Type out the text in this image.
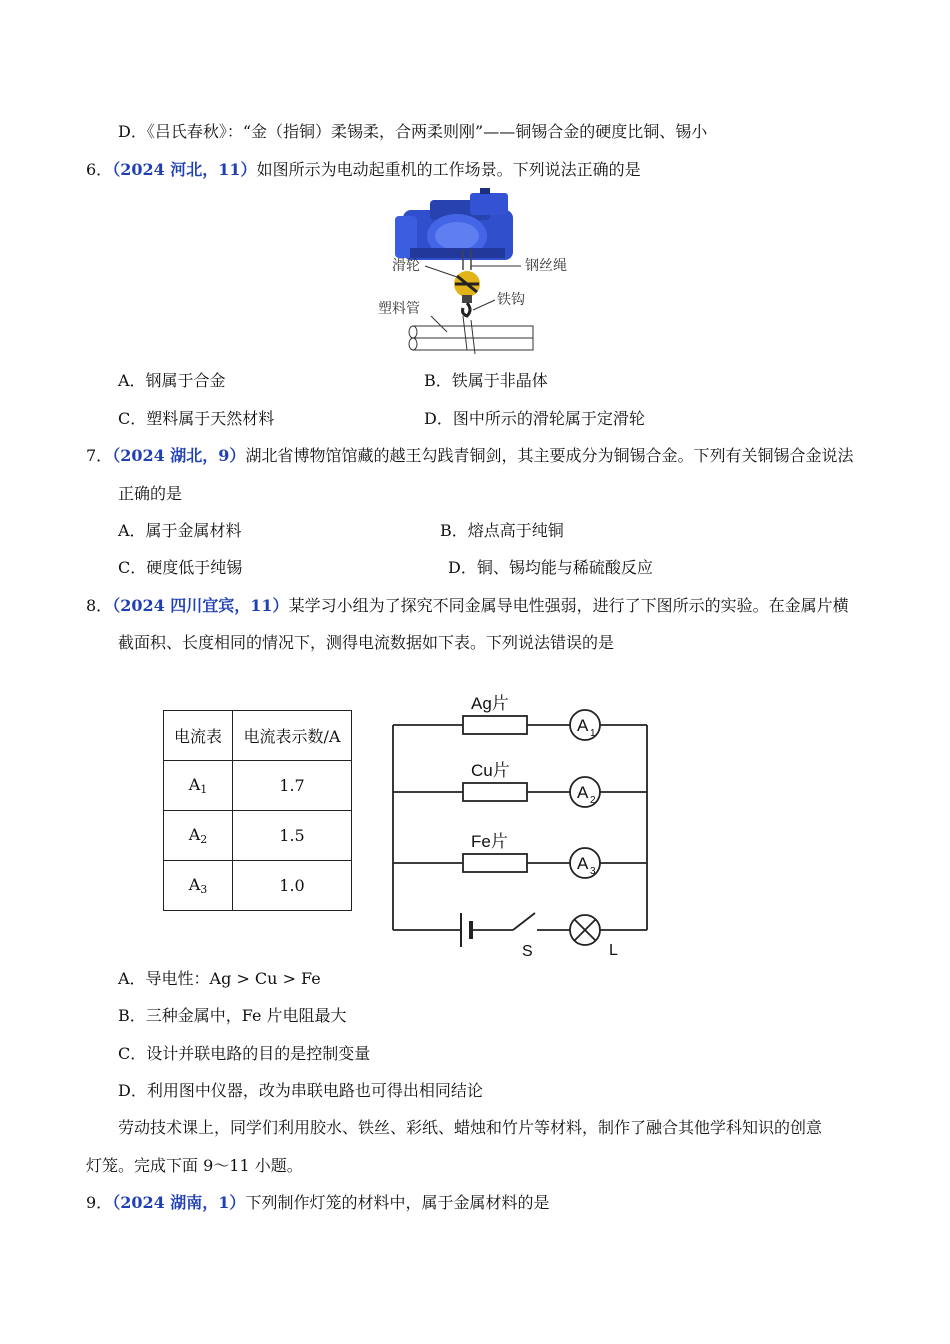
D．《吕氏春秋》：“金（指铜）柔锡柔，合两柔则刚”——铜锡合金的硬度比铜、锡小
6．（2024 河北，11）如图所示为电动起重机的工作场景。下列说法正确的是
滑轮	钢丝绳
塑料管
铁钩
A．钢属于合金	B．铁属于非晶体
C．塑料属于天然材料	D．图中所示的滑轮属于定滑轮
7．（2024 湖北，9）湖北省博物馆馆藏的越王勾践青铜剑，其主要成分为铜锡合金。下列有关铜锡合金说法
正确的是
A．属于金属材料	B．熔点高于纯铜
C．硬度低于纯锡	D．铜、锡均能与稀硫酸反应
8．（2024 四川宜宾，11）某学习小组为了探究不同金属导电性强弱，进行了下图所示的实验。在金属片横
截面积、长度相同的情况下，测得电流数据如下表。下列说法错误的是
电流表	电流表示数/A
$A_1$	1.7
$A_2$	1.5
$A_3$	1.0
Ag片
Cu片
Fe片
A 1
A 2
A 3
S	L
A．导电性：Ag > Cu > Fe
B．三种金属中，Fe 片电阻最大
C．设计并联电路的目的是控制变量
D．利用图中仪器，改为串联电路也可得出相同结论
劳动技术课上，同学们利用胶水、铁丝、彩纸、蜡烛和竹片等材料，制作了融合其他学科知识的创意
灯笼。完成下面 9～11 小题。
9．（2024 湖南，1）下列制作灯笼的材料中，属于金属材料的是
